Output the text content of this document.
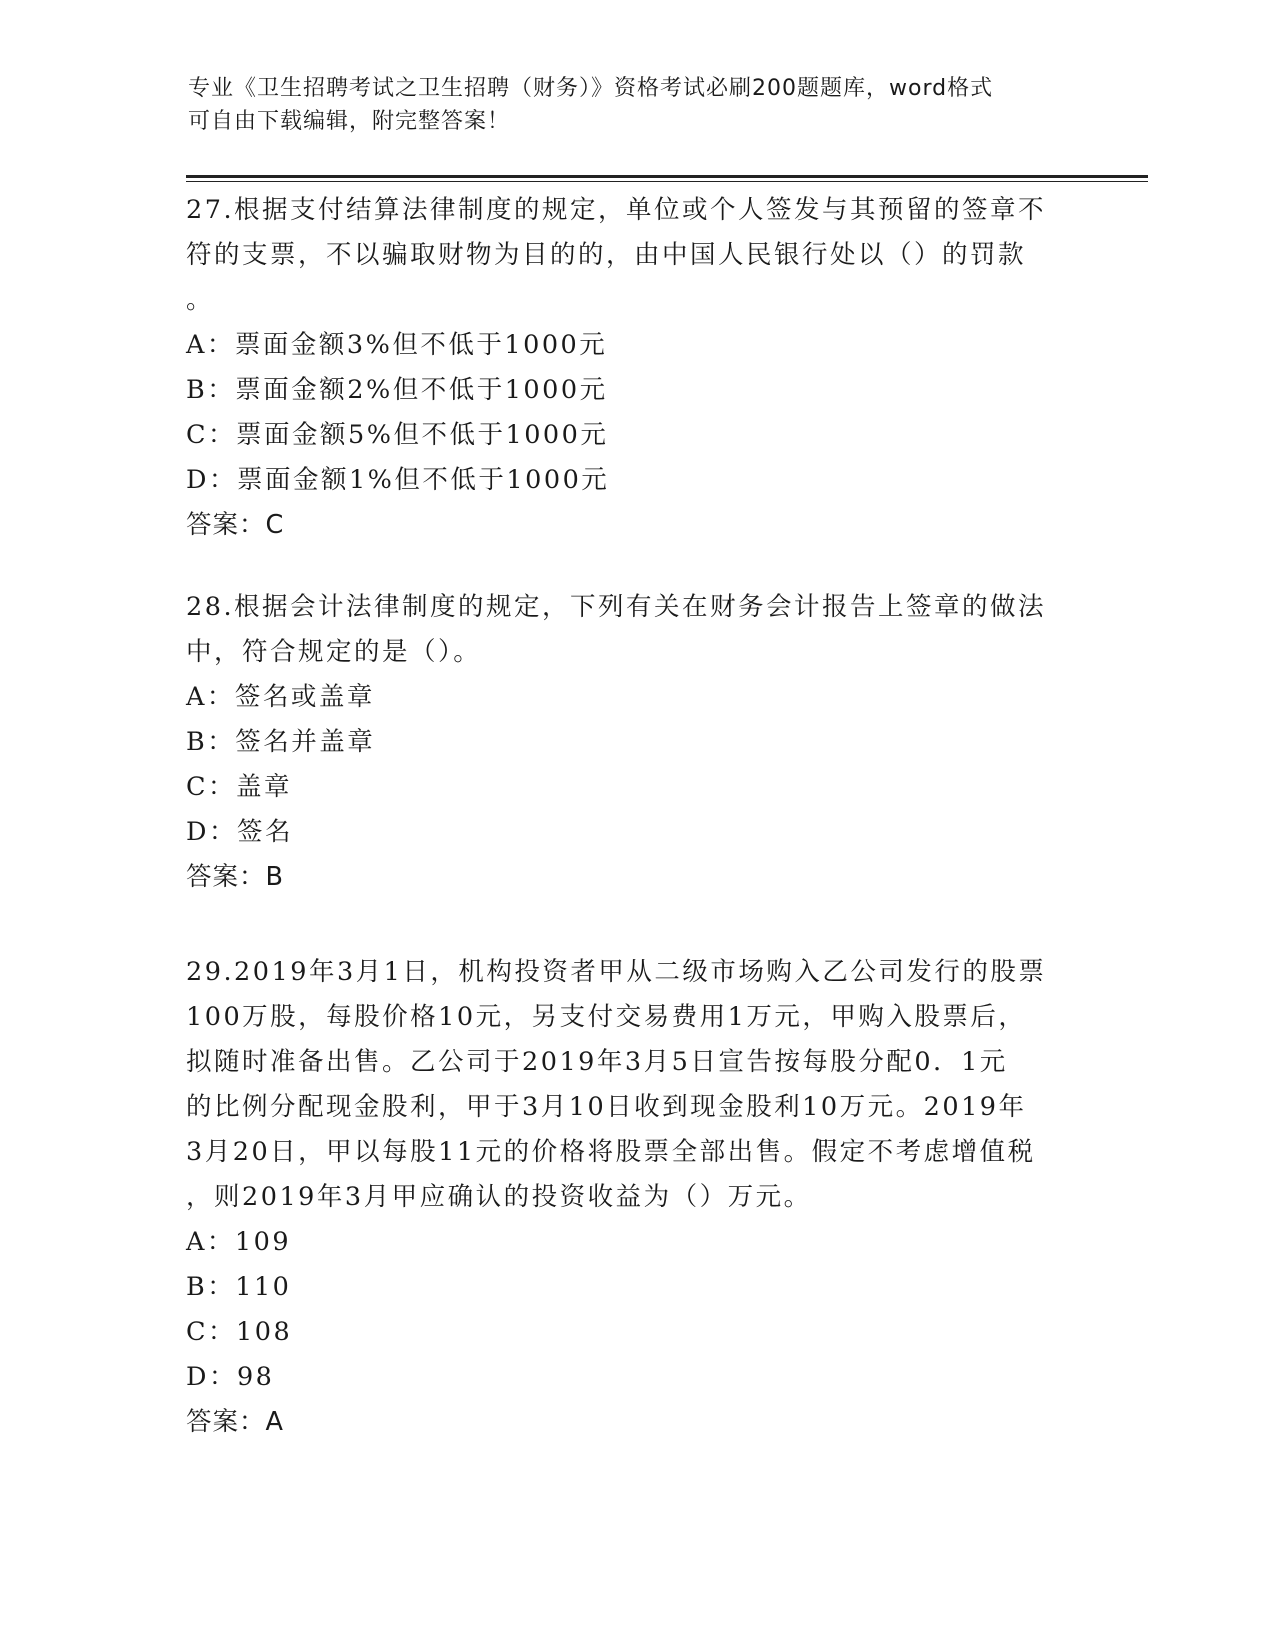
专业《卫生招聘考试之卫生招聘（财务）》资格考试必刷200题题库，word格式
可自由下载编辑，附完整答案！

27.根据支付结算法律制度的规定，单位或个人签发与其预留的签章不

符的支票，不以骗取财物为目的的，由中国人民银行处以（）的罚款

。

A：票面金额3%但不低于1000元

B：票面金额2%但不低于1000元

C：票面金额5%但不低于1000元

D：票面金额1%但不低于1000元

答案：C

28.根据会计法律制度的规定，下列有关在财务会计报告上签章的做法

中，符合规定的是（）。

A：签名或盖章

B：签名并盖章

C：盖章

D：签名

答案：B

29.2019年3月1日，机构投资者甲从二级市场购入乙公司发行的股票

100万股，每股价格10元，另支付交易费用1万元，甲购入股票后，

拟随时准备出售。乙公司于2019年3月5日宣告按每股分配0．1元

的比例分配现金股利，甲于3月10日收到现金股利10万元。2019年

3月20日，甲以每股11元的价格将股票全部出售。假定不考虑增值税

，则2019年3月甲应确认的投资收益为（）万元。

A：109

B：110

C：108

D：98

答案：A
